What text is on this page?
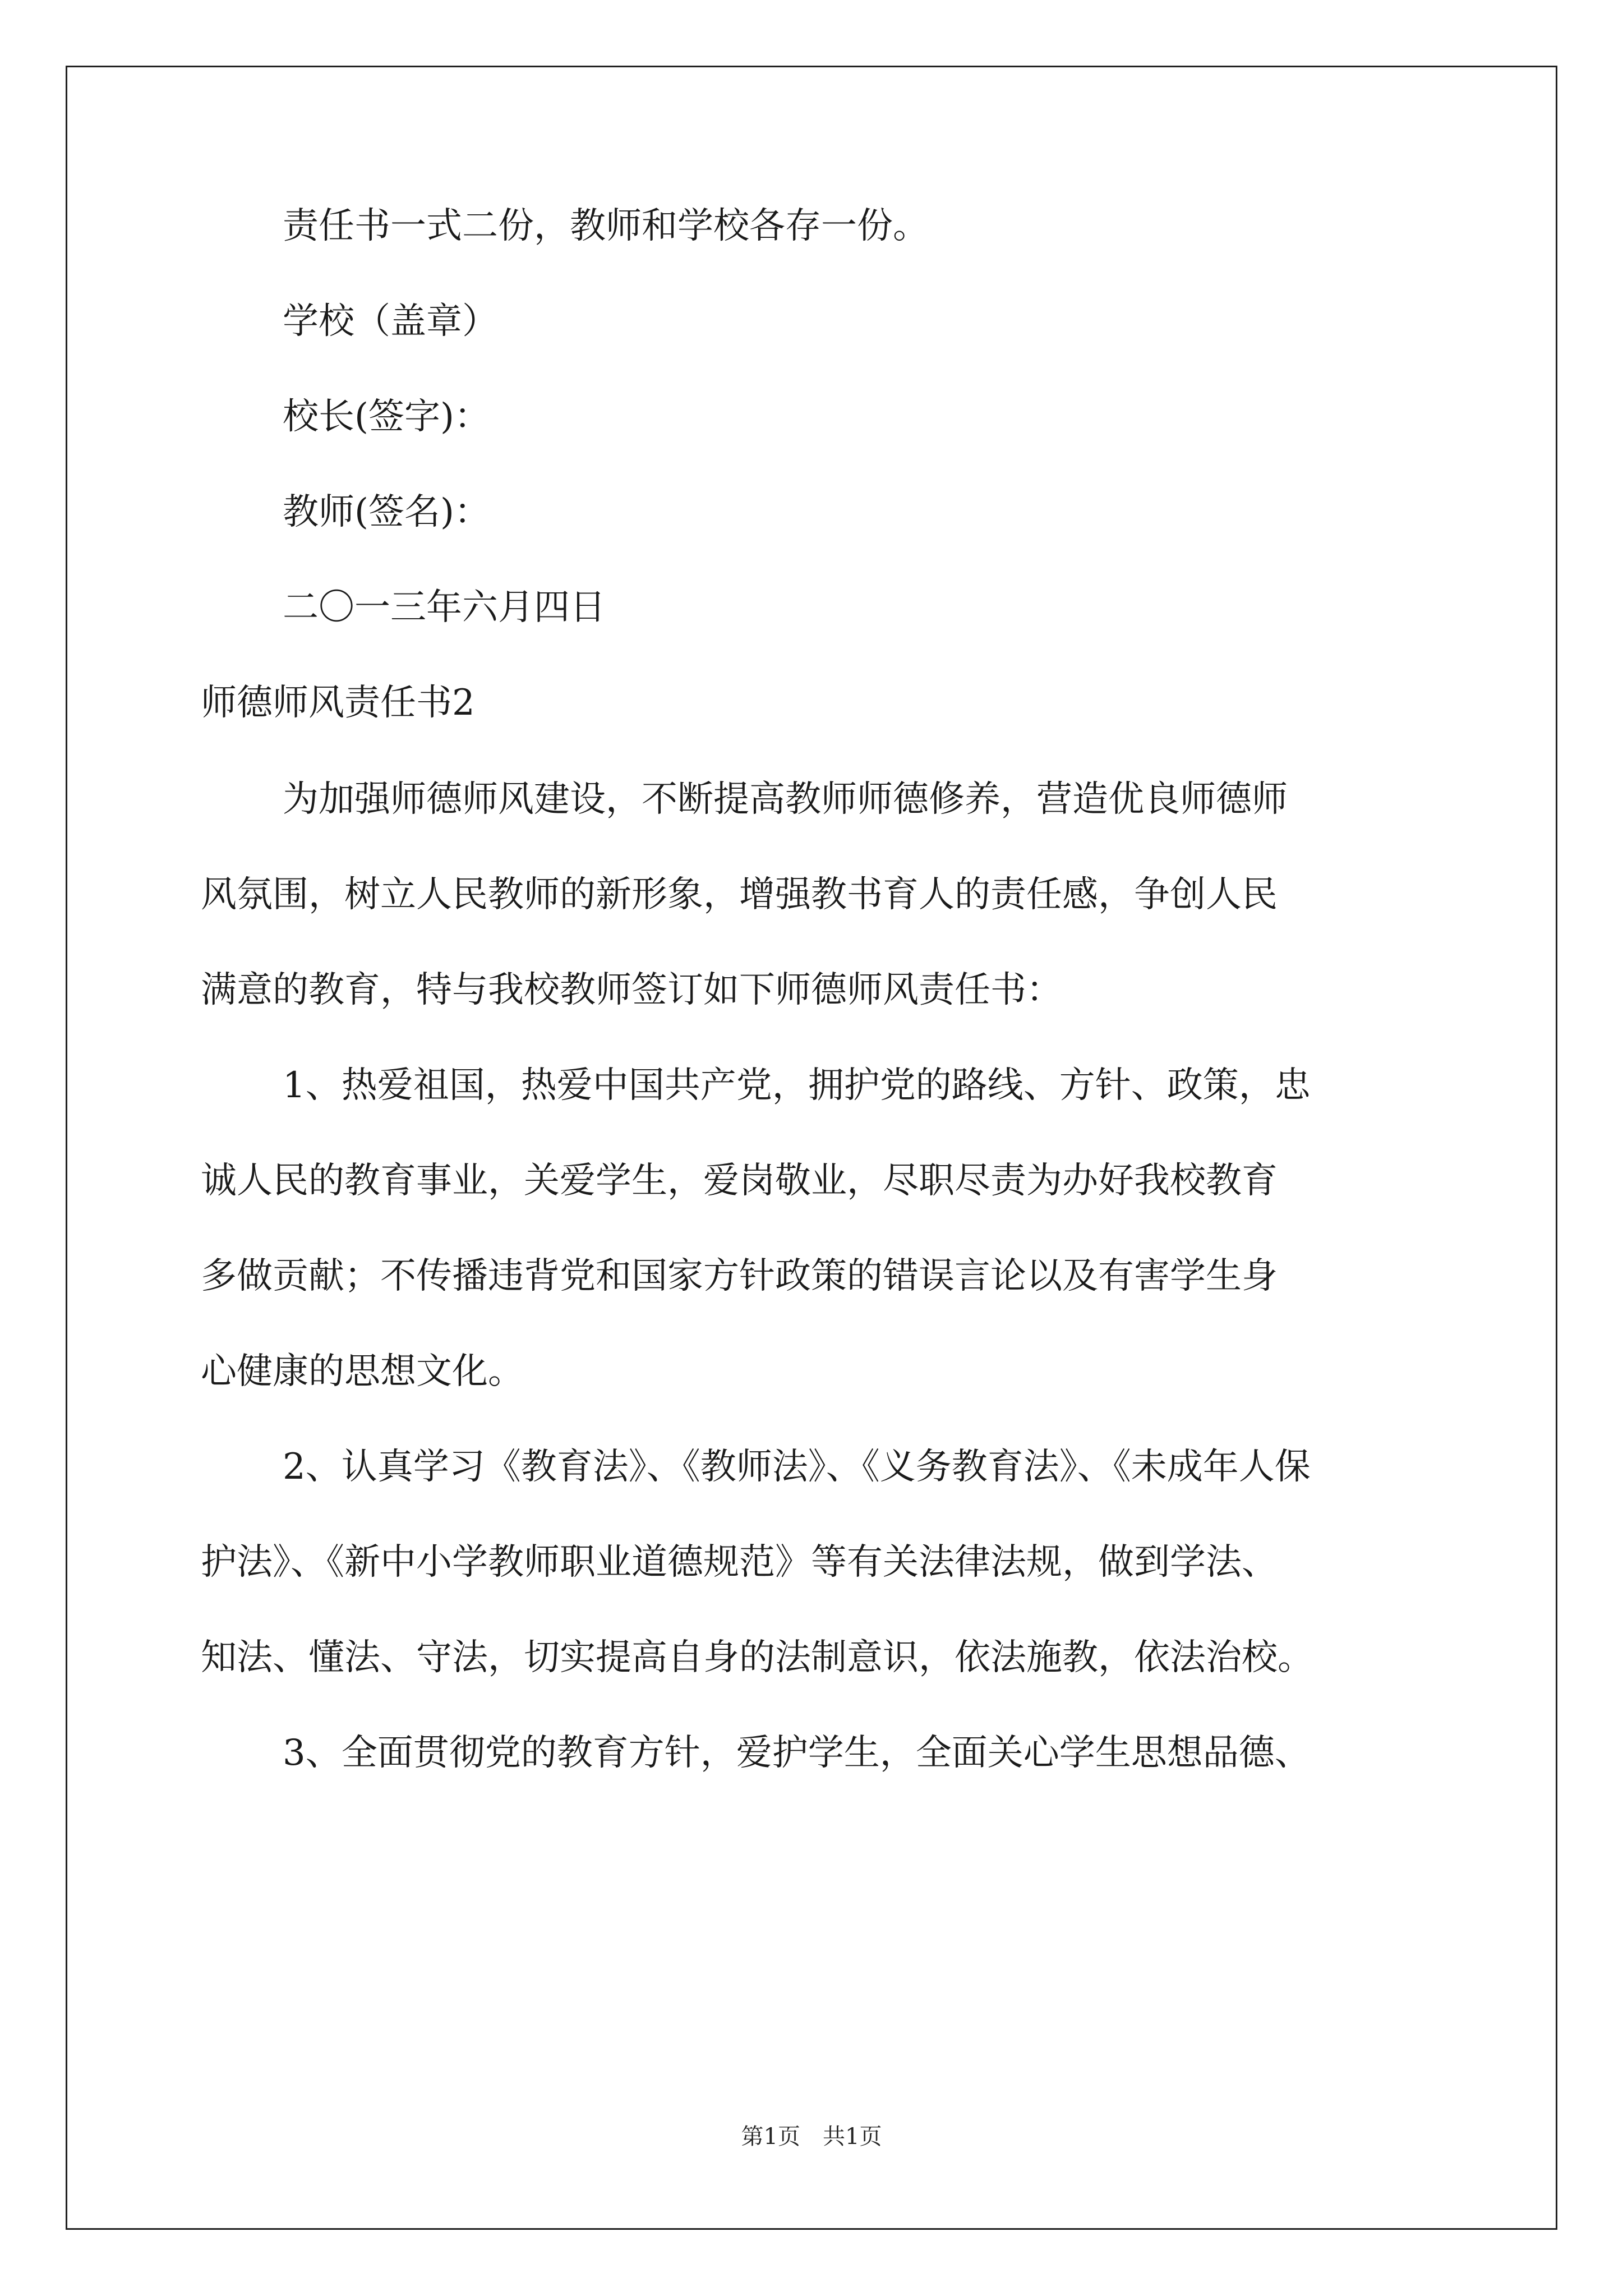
责任书一式二份，教师和学校各存一份。
学校（盖章）
校长(签字)：
教师(签名)：
二〇一三年六月四日
师德师风责任书2
为加强师德师风建设，不断提高教师师德修养，营造优良师德师
风氛围，树立人民教师的新形象，增强教书育人的责任感，争创人民
满意的教育，特与我校教师签订如下师德师风责任书：
1、热爱祖国，热爱中国共产党，拥护党的路线、方针、政策，忠
诚人民的教育事业，关爱学生，爱岗敬业，尽职尽责为办好我校教育
多做贡献；不传播违背党和国家方针政策的错误言论以及有害学生身
心健康的思想文化。
2、认真学习《教育法》、《教师法》、《义务教育法》、《未成年人保
护法》、《新中小学教师职业道德规范》等有关法律法规，做到学法、
知法、懂法、守法，切实提高自身的法制意识，依法施教，依法治校。
3、全面贯彻党的教育方针，爱护学生，全面关心学生思想品德、
第1页　共1页
